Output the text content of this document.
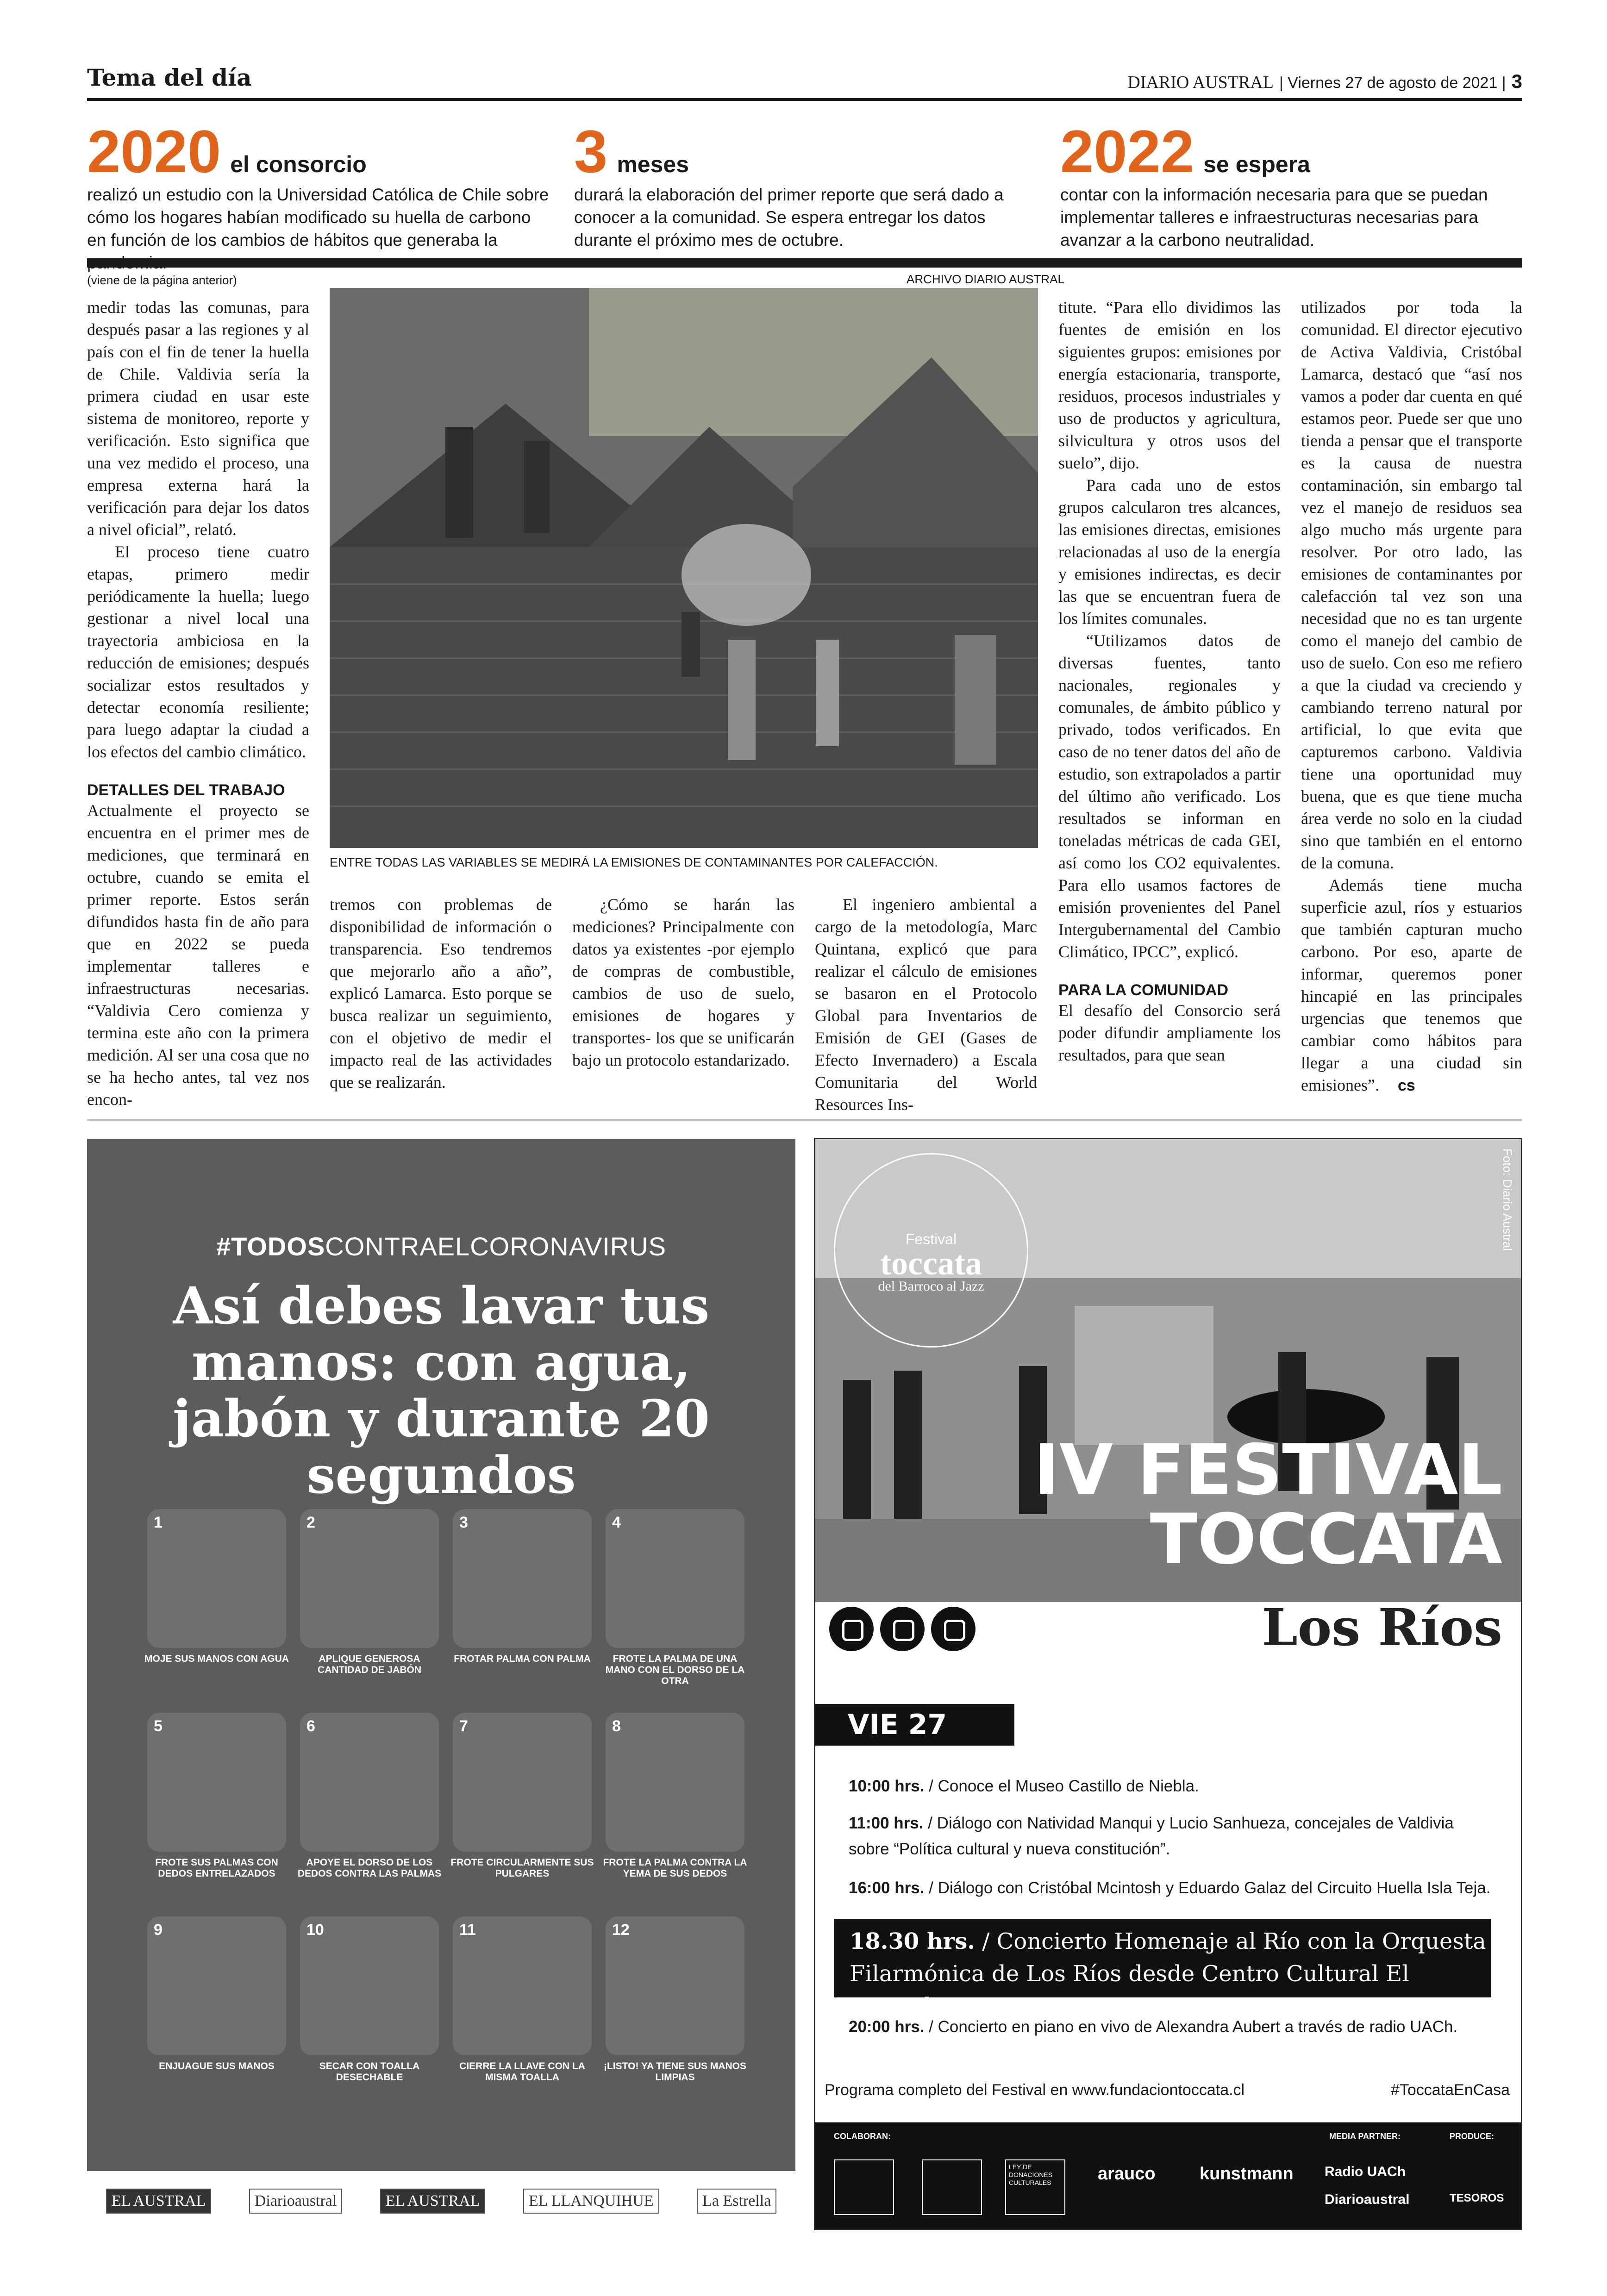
Tema del día	DIARIO AUSTRAL | Viernes 27 de agosto de 2021 | 3
2020 el consorcio

realizó un estudio con la Universidad Católica de Chile sobre cómo los hogares habían modificado su huella de carbono en función de los cambios de hábitos que generaba la

3 meses

durará la elaboración del primer reporte que será dado a conocer a la comunidad. Se espera entregar los datos durante el próximo mes de octubre.

2022 se espera

contar con la información necesaria para que se puedan implementar talleres e infraestructuras necesarias para avanzar a la carbono neutralidad.

(viene de la página anterior)	ARCHIVO DIARIO AUSTRAL
ENTRE TODAS LAS VARIABLES SE MEDIRÁ LA EMISIONES DE CONTAMINANTES POR CALEFACCIÓN.

medir todas las comunas, para después pasar a las regiones y al país con el fin de tener la huella de Chile. Valdivia sería la primera ciudad en usar este sistema de monitoreo, reporte y verificación. Esto significa que una vez medido el proceso, una empresa externa hará la verificación para dejar los datos a nivel oficial”, relató.

El proceso tiene cuatro etapas, primero medir periódicamente la huella; luego gestionar a nivel local una trayectoria ambiciosa en la reducción de emisiones; después socializar estos resultados y detectar economía resiliente; para luego adaptar la ciudad a los efectos del cambio climático.

DETALLES DEL TRABAJO

Actualmente el proyecto se encuentra en el primer mes de mediciones, que terminará en octubre, cuando se emita el primer reporte. Estos serán difundidos hasta fin de año para que en 2022 se pueda implementar talleres e infraestructuras necesarias. “Valdivia Cero comienza y termina este año con la primera medición. Al ser una cosa que no se ha hecho antes, tal vez nos encon-

tremos con problemas de disponibilidad de información o transparencia. Eso tendremos que mejorarlo año a año”, explicó Lamarca. Esto porque se busca realizar un seguimiento, con el objetivo de medir el impacto real de las actividades que se realizarán.

¿Cómo se harán las mediciones? Principalmente con datos ya existentes -por ejemplo de compras de combustible, cambios de uso de suelo, emisiones de hogares y transportes- los que se unificarán bajo un protocolo estandarizado.

El ingeniero ambiental a cargo de la metodología, Marc Quintana, explicó que para realizar el cálculo de emisiones se basaron en el Protocolo Global para Inventarios de Emisión de GEI (Gases de Efecto Invernadero) a Escala Comunitaria del World Resources Ins-

titute. “Para ello dividimos las fuentes de emisión en los siguientes grupos: emisiones por energía estacionaria, transporte, residuos, procesos industriales y uso de productos y agricultura, silvicultura y otros usos del suelo”, dijo.

Para cada uno de estos grupos calcularon tres alcances, las emisiones directas, emisiones relacionadas al uso de la energía y emisiones indirectas, es decir las que se encuentran fuera de los límites comunales.

“Utilizamos datos de diversas fuentes, tanto nacionales, regionales y comunales, de ámbito público y privado, todos verificados. En caso de no tener datos del año de estudio, son extrapolados a partir del último año verificado. Los resultados se informan en toneladas métricas de cada GEI, así como los CO2 equivalentes. Para ello usamos factores de emisión provenientes del Panel Intergubernamental del Cambio Climático, IPCC”, explicó.

PARA LA COMUNIDAD

El desafío del Consorcio será poder difundir ampliamente los resultados, para que sean

utilizados por toda la comunidad. El director ejecutivo de Activa Valdivia, Cristóbal Lamarca, destacó que “así nos vamos a poder dar cuenta en qué estamos peor. Puede ser que uno tienda a pensar que el transporte es la causa de nuestra contaminación, sin embargo tal vez el manejo de residuos sea algo mucho más urgente para resolver. Por otro lado, las emisiones de contaminantes por calefacción tal vez son una necesidad que no es tan urgente como el manejo del cambio de uso de suelo. Con eso me refiero a que la ciudad va creciendo y cambiando terreno natural por artificial, lo que evita que capturemos carbono. Valdivia tiene una oportunidad muy buena, que es que tiene mucha área verde no solo en la ciudad sino que también en el entorno de la comuna.

Además tiene mucha superficie azul, ríos y estuarios que también capturan mucho carbono. Por eso, aparte de informar, queremos poner hincapié en las principales urgencias que tenemos que cambiar como hábitos para llegar a una ciudad sin emisiones”. cs

#TODOSCONTRAELCORONAVIRUS
Así debes lavar tus manos: con agua, jabón y durante 20 segundos
1
MOJE SUS MANOS CON AGUA
2
APLIQUE GENEROSA CANTIDAD DE JABÓN
3
FROTAR PALMA CON PALMA
4
FROTE LA PALMA DE UNA MANO CON EL DORSO DE LA OTRA
5
FROTE SUS PALMAS CON DEDOS ENTRELAZADOS
6
APOYE EL DORSO DE LOS DEDOS CONTRA LAS PALMAS
7
FROTE CIRCULARMENTE SUS PULGARES
8
FROTE LA PALMA CONTRA LA YEMA DE SUS DEDOS
9
ENJUAGUE SUS MANOS
10
SECAR CON TOALLA DESECHABLE
11
CIERRE LA LLAVE CON LA MISMA TOALLA
12
¡LISTO! YA TIENE SUS MANOS LIMPIAS
EL AUSTRAL	Diarioaustral	EL AUSTRAL	EL LLANQUIHUE	La Estrella
Foto: Diario Austral
Festival
toccata
del Barroco al Jazz
IV FESTIVAL
TOCCATA
Los Ríos
VIE 27 AGO
10:00 hrs. / Conoce el Museo Castillo de Niebla.
11:00 hrs. / Diálogo con Natividad Manqui y Lucio Sanhueza, concejales de Valdivia sobre “Política cultural y nueva constitución”.
16:00 hrs. / Diálogo con Cristóbal Mcintosh y Eduardo Galaz del Circuito Huella Isla Teja.
18.30 hrs. / Concierto Homenaje al Río con la Orquesta Filarmónica de Los Ríos desde Centro Cultural El Austral.
20:00 hrs. / Concierto en piano en vivo de Alexandra Aubert a través de radio UACh.
Programa completo del Festival en www.fundaciontoccata.cl	#ToccataEnCasa
COLABORAN:	MEDIA PARTNER:	PRODUCE:
LEY DE DONACIONES CULTURALES	arauco	kunstmann Radio UACh
Diarioaustral	TESOROS
